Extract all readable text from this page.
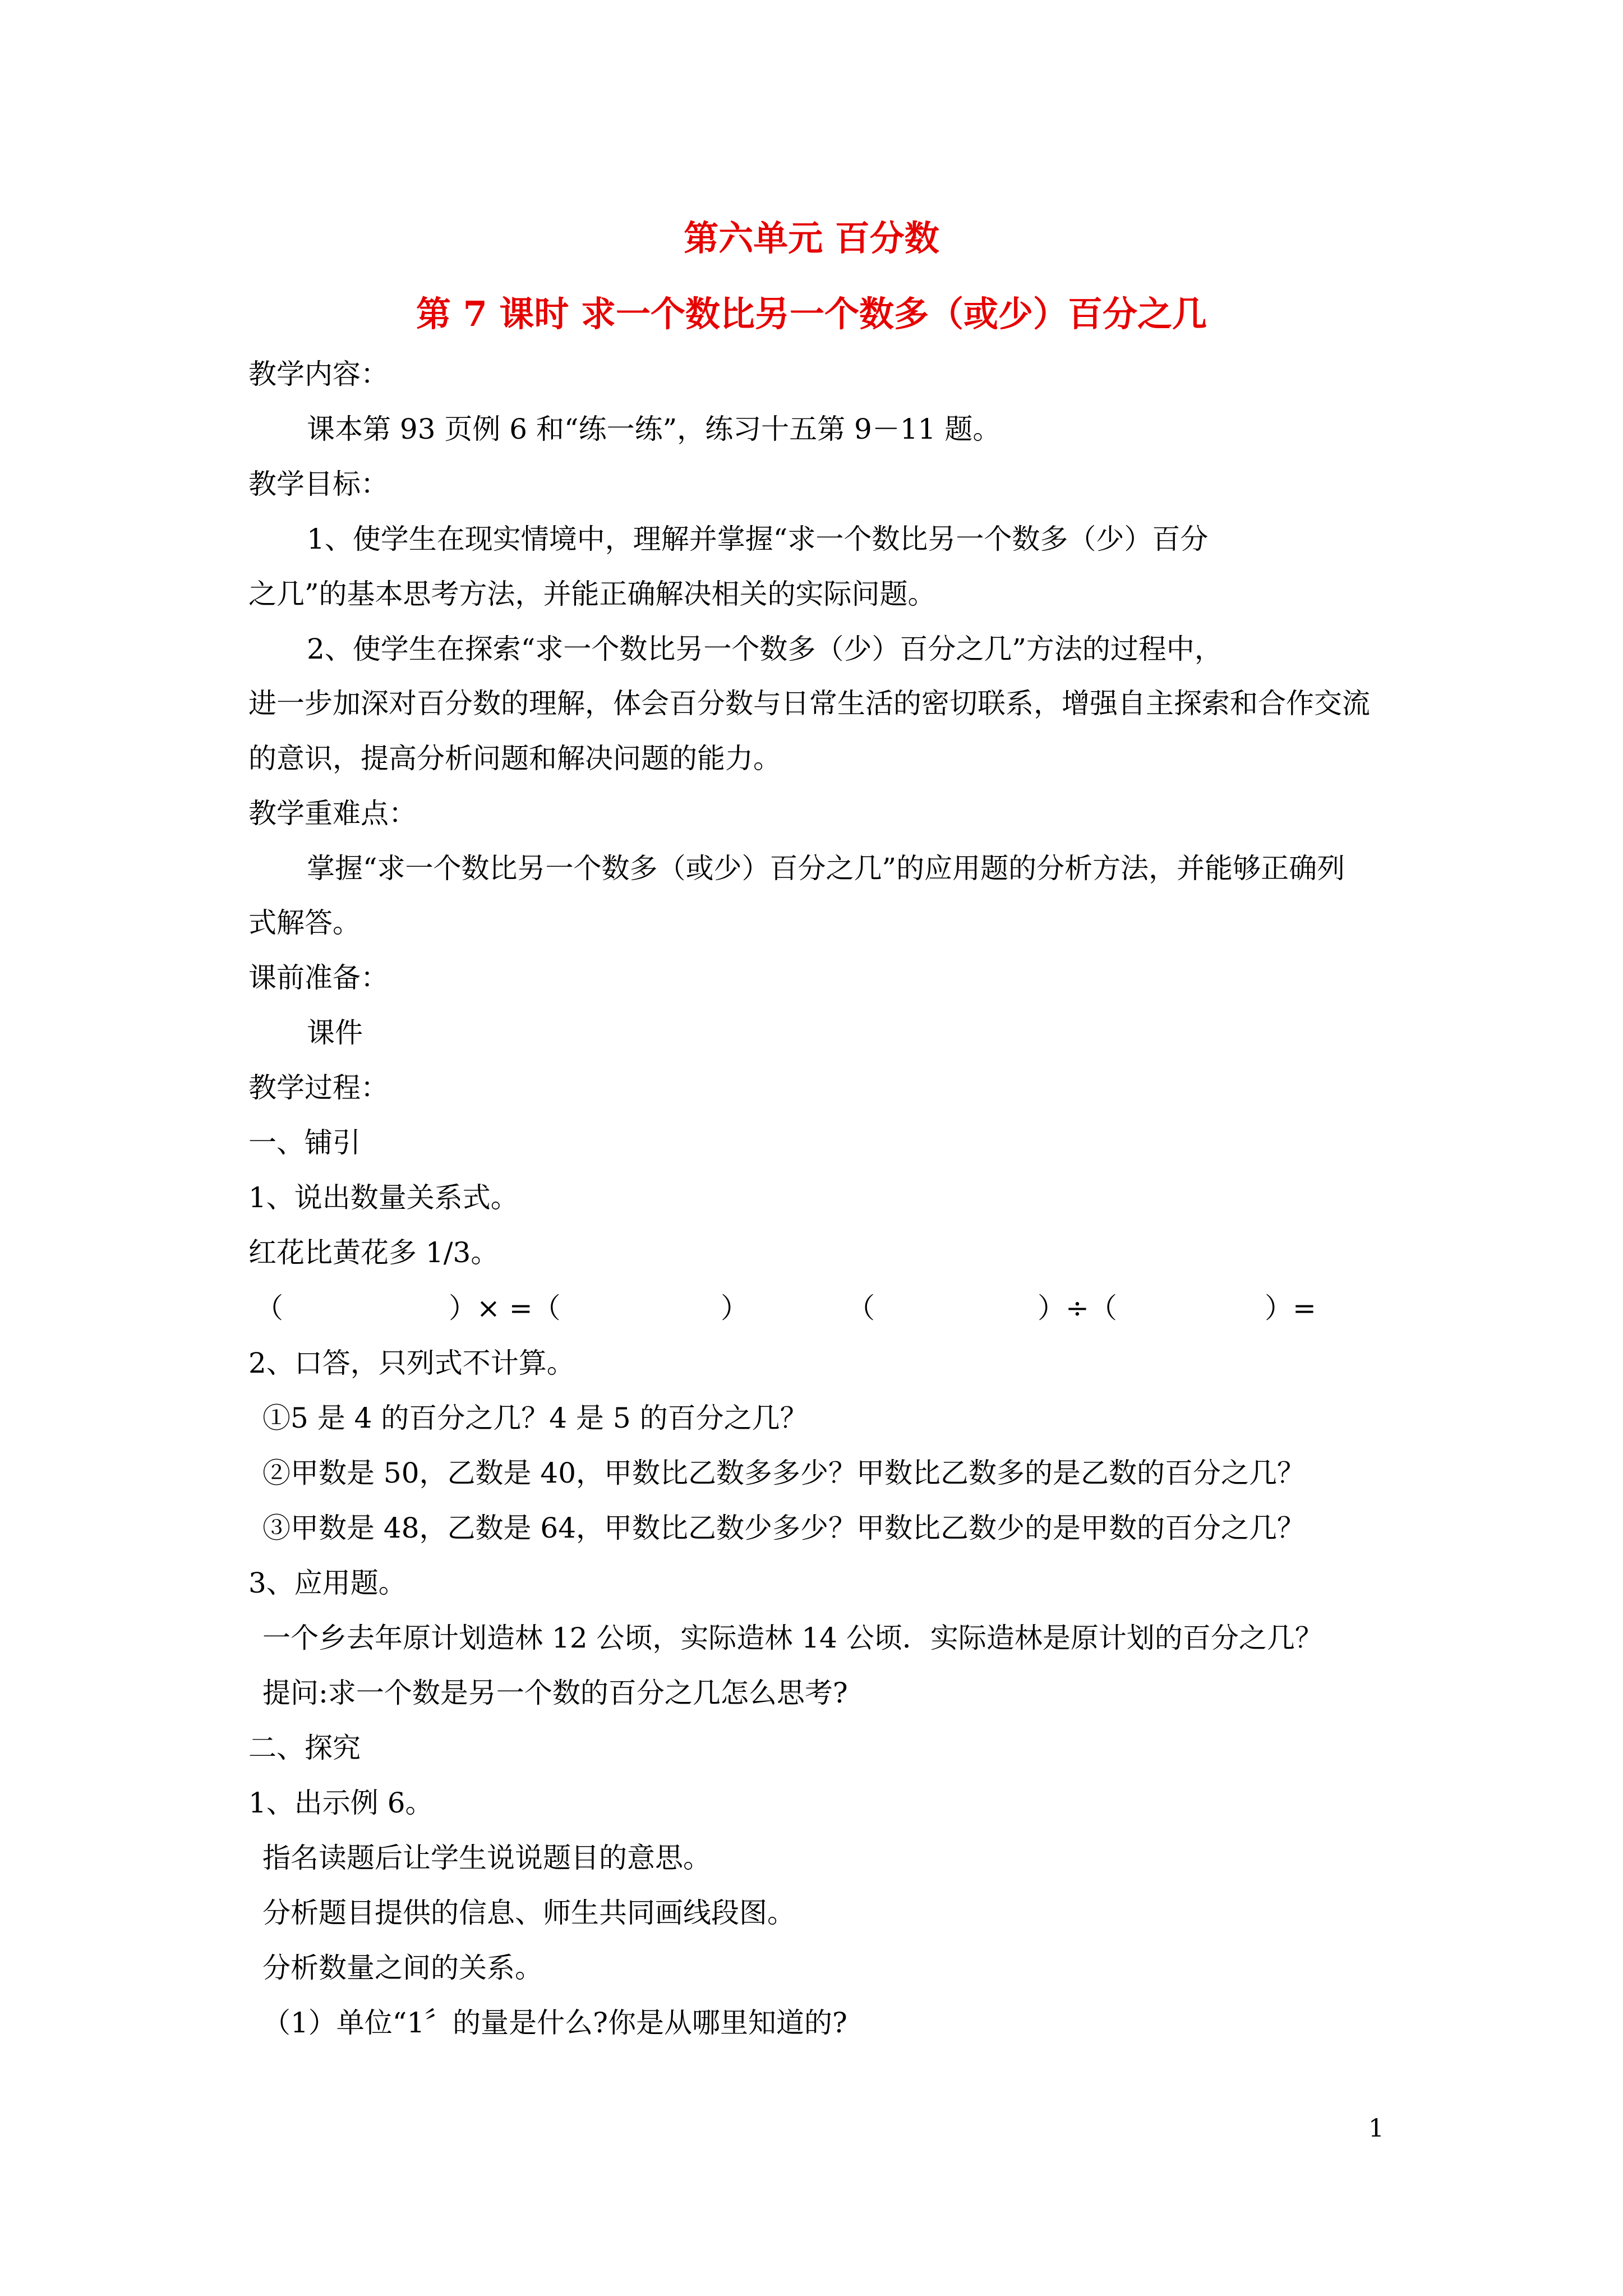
第六单元 百分数
第 7 课时 求一个数比另一个数多（或少）百分之几
教学内容：
课本第 93 页例 6 和“练一练”，练习十五第 9－11 题。
教学目标：
1、使学生在现实情境中，理解并掌握“求一个数比另一个数多（少）百分
之几”的基本思考方法，并能正确解决相关的实际问题。
2、使学生在探索“求一个数比另一个数多（少）百分之几”方法的过程中，
进一步加深对百分数的理解，体会百分数与日常生活的密切联系，增强自主探索和合作交流
的意识，提高分析问题和解决问题的能力。
教学重难点：
掌握“求一个数比另一个数多（或少）百分之几”的应用题的分析方法，并能够正确列
式解答。
课前准备：
课件
教学过程：
一、铺引
1、说出数量关系式。
红花比黄花多 1/3。
（	）× =（	）	（	）÷（	）=
2、口答，只列式不计算。
①5 是 4 的百分之几？4 是 5 的百分之几？
②甲数是 50，乙数是 40，甲数比乙数多多少？甲数比乙数多的是乙数的百分之几？
③甲数是 48，乙数是 64，甲数比乙数少多少？甲数比乙数少的是甲数的百分之几？
3、应用题。
一个乡去年原计划造林 12 公顷，实际造林 14 公顷．实际造林是原计划的百分之几？
提问:求一个数是另一个数的百分之几怎么思考?
二、探究
1、出示例 6。
指名读题后让学生说说题目的意思。
分析题目提供的信息、师生共同画线段图。
分析数量之间的关系。
（1）单位“1〞的量是什么?你是从哪里知道的?
1
